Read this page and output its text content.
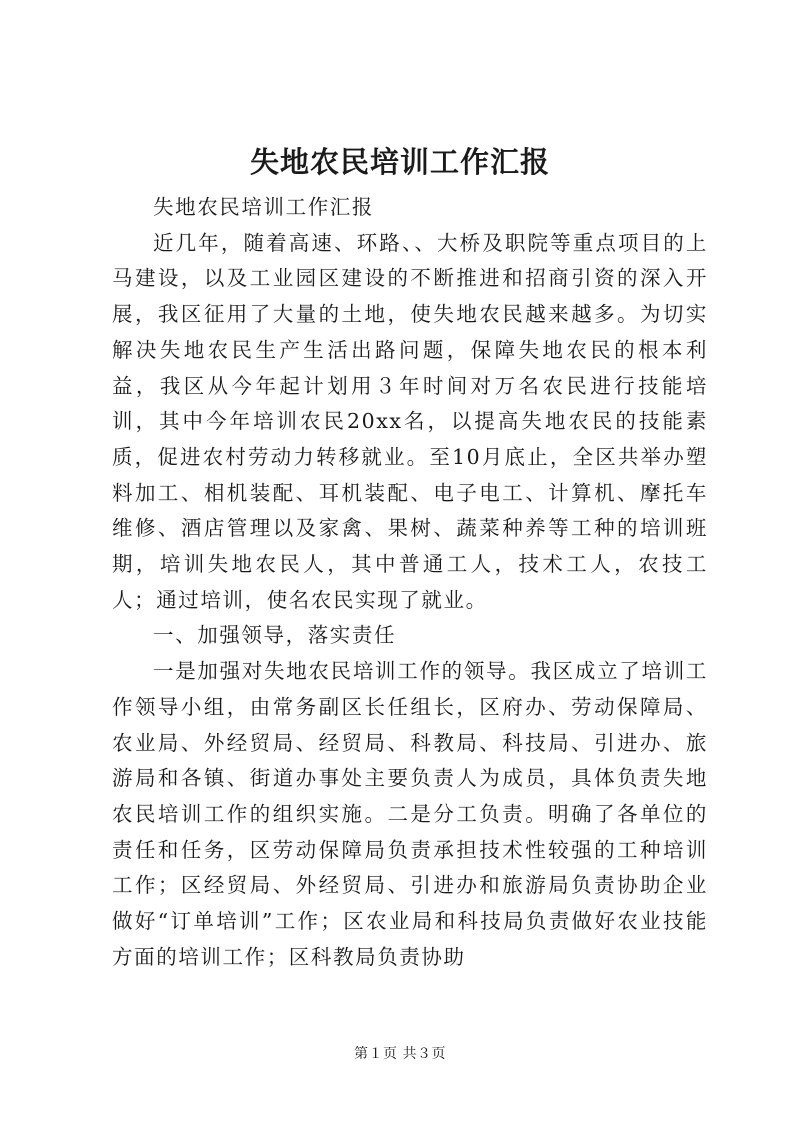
失地农民培训工作汇报

失地农民培训工作汇报

近几年，随着高速、环路、、大桥及职院等重点项目的上马建设，以及工业园区建设的不断推进和招商引资的深入开展，我区征用了大量的土地，使失地农民越来越多。为切实解决失地农民生产生活出路问题，保障失地农民的根本利益，我区从今年起计划用３年时间对万名农民进行技能培训，其中今年培训农民20xx名，以提高失地农民的技能素质，促进农村劳动力转移就业。至10月底止，全区共举办塑料加工、相机装配、耳机装配、电子电工、计算机、摩托车维修、酒店管理以及家禽、果树、蔬菜种养等工种的培训班期，培训失地农民人，其中普通工人，技术工人，农技工人；通过培训，使名农民实现了就业。

一、加强领导，落实责任

一是加强对失地农民培训工作的领导。我区成立了培训工作领导小组，由常务副区长任组长，区府办、劳动保障局、农业局、外经贸局、经贸局、科教局、科技局、引进办、旅游局和各镇、街道办事处主要负责人为成员，具体负责失地农民培训工作的组织实施。二是分工负责。明确了各单位的责任和任务，区劳动保障局负责承担技术性较强的工种培训工作；区经贸局、外经贸局、引进办和旅游局负责协助企业做好“订单培训”工作；区农业局和科技局负责做好农业技能方面的培训工作；区科教局负责协助

第１页 共３页
